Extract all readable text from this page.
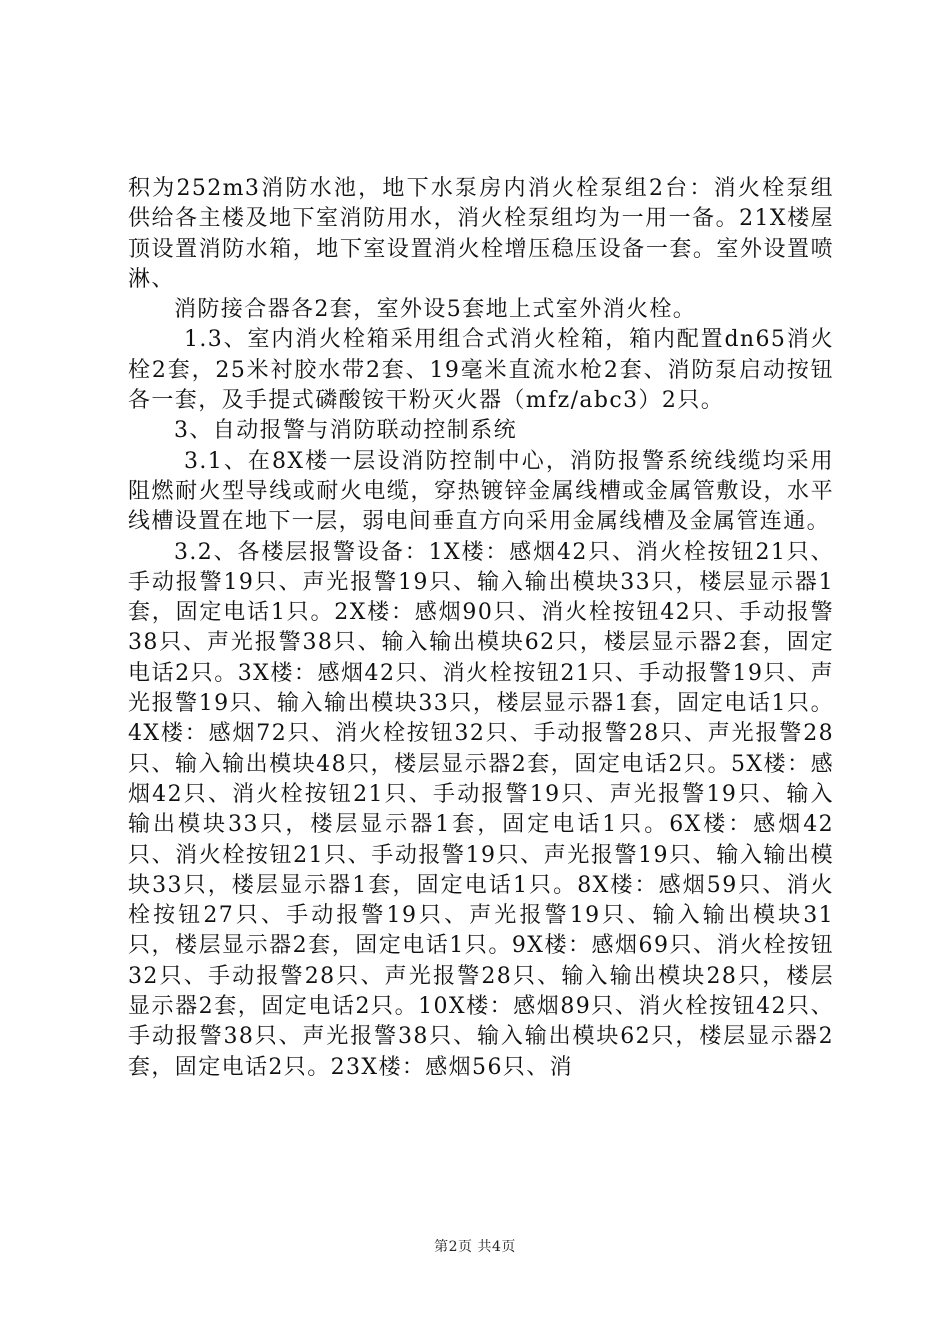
积为252m3消防水池，地下水泵房内消火栓泵组2台：消火栓泵组供给各主楼及地下室消防用水，消火栓泵组均为一用一备。21X楼屋顶设置消防水箱，地下室设置消火栓增压稳压设备一套。室外设置喷淋、

消防接合器各2套，室外设5套地上式室外消火栓。

1.3、室内消火栓箱采用组合式消火栓箱，箱内配置dn65消火栓2套，25米衬胶水带2套、19毫米直流水枪2套、消防泵启动按钮各一套，及手提式磷酸铵干粉灭火器（mfz/abc3）2只。

3、自动报警与消防联动控制系统

3.1、在8X楼一层设消防控制中心，消防报警系统线缆均采用阻燃耐火型导线或耐火电缆，穿热镀锌金属线槽或金属管敷设，水平线槽设置在地下一层，弱电间垂直方向采用金属线槽及金属管连通。

3.2、各楼层报警设备：1X楼：感烟42只、消火栓按钮21只、手动报警19只、声光报警19只、输入输出模块33只，楼层显示器1套，固定电话1只。2X楼：感烟90只、消火栓按钮42只、手动报警38只、声光报警38只、输入输出模块62只，楼层显示器2套，固定电话2只。3X楼：感烟42只、消火栓按钮21只、手动报警19只、声光报警19只、输入输出模块33只，楼层显示器1套，固定电话1只。4X楼：感烟72只、消火栓按钮32只、手动报警28只、声光报警28只、输入输出模块48只，楼层显示器2套，固定电话2只。5X楼：感烟42只、消火栓按钮21只、手动报警19只、声光报警19只、输入输出模块33只，楼层显示器1套，固定电话1只。6X楼：感烟42只、消火栓按钮21只、手动报警19只、声光报警19只、输入输出模块33只，楼层显示器1套，固定电话1只。8X楼：感烟59只、消火栓按钮27只、手动报警19只、声光报警19只、输入输出模块31只，楼层显示器2套，固定电话1只。9X楼：感烟69只、消火栓按钮32只、手动报警28只、声光报警28只、输入输出模块28只，楼层显示器2套，固定电话2只。10X楼：感烟89只、消火栓按钮42只、手动报警38只、声光报警38只、输入输出模块62只，楼层显示器2套，固定电话2只。23X楼：感烟56只、消

第2页 共4页
